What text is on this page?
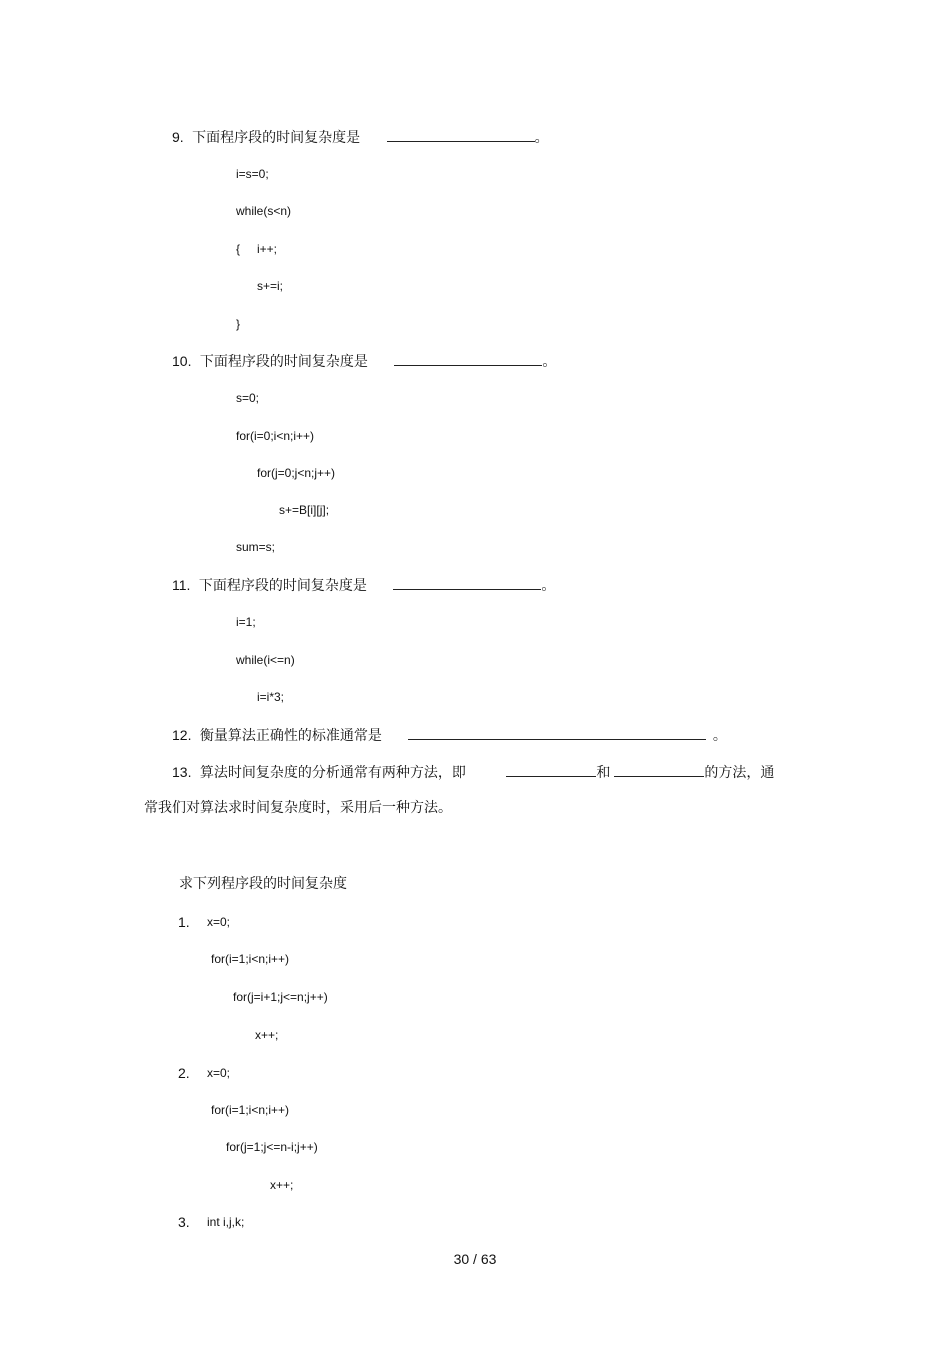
9. 下面程序段的时间复杂度是	。
i=s=0;
while(s<n)
{ i++;
s+=i;
}
10. 下面程序段的时间复杂度是	。
s=0;
for(i=0;i<n;i++)
for(j=0;j<n;j++)
s+=B[i][j];
sum=s;
11. 下面程序段的时间复杂度是	。
i=1;
while(i<=n)
i=i*3;
12. 衡量算法正确性的标准通常是	。
13. 算法时间复杂度的分析通常有两种方法，即	和	的方法，通
常我们对算法求时间复杂度时，采用后一种方法。
求下列程序段的时间复杂度
1. x=0;
for(i=1;i<n;i++)
for(j=i+1;j<=n;j++)
x++;
2. x=0;
for(i=1;i<n;i++)
for(j=1;j<=n-i;j++)
x++;
3. int i,j,k;
30 / 63
